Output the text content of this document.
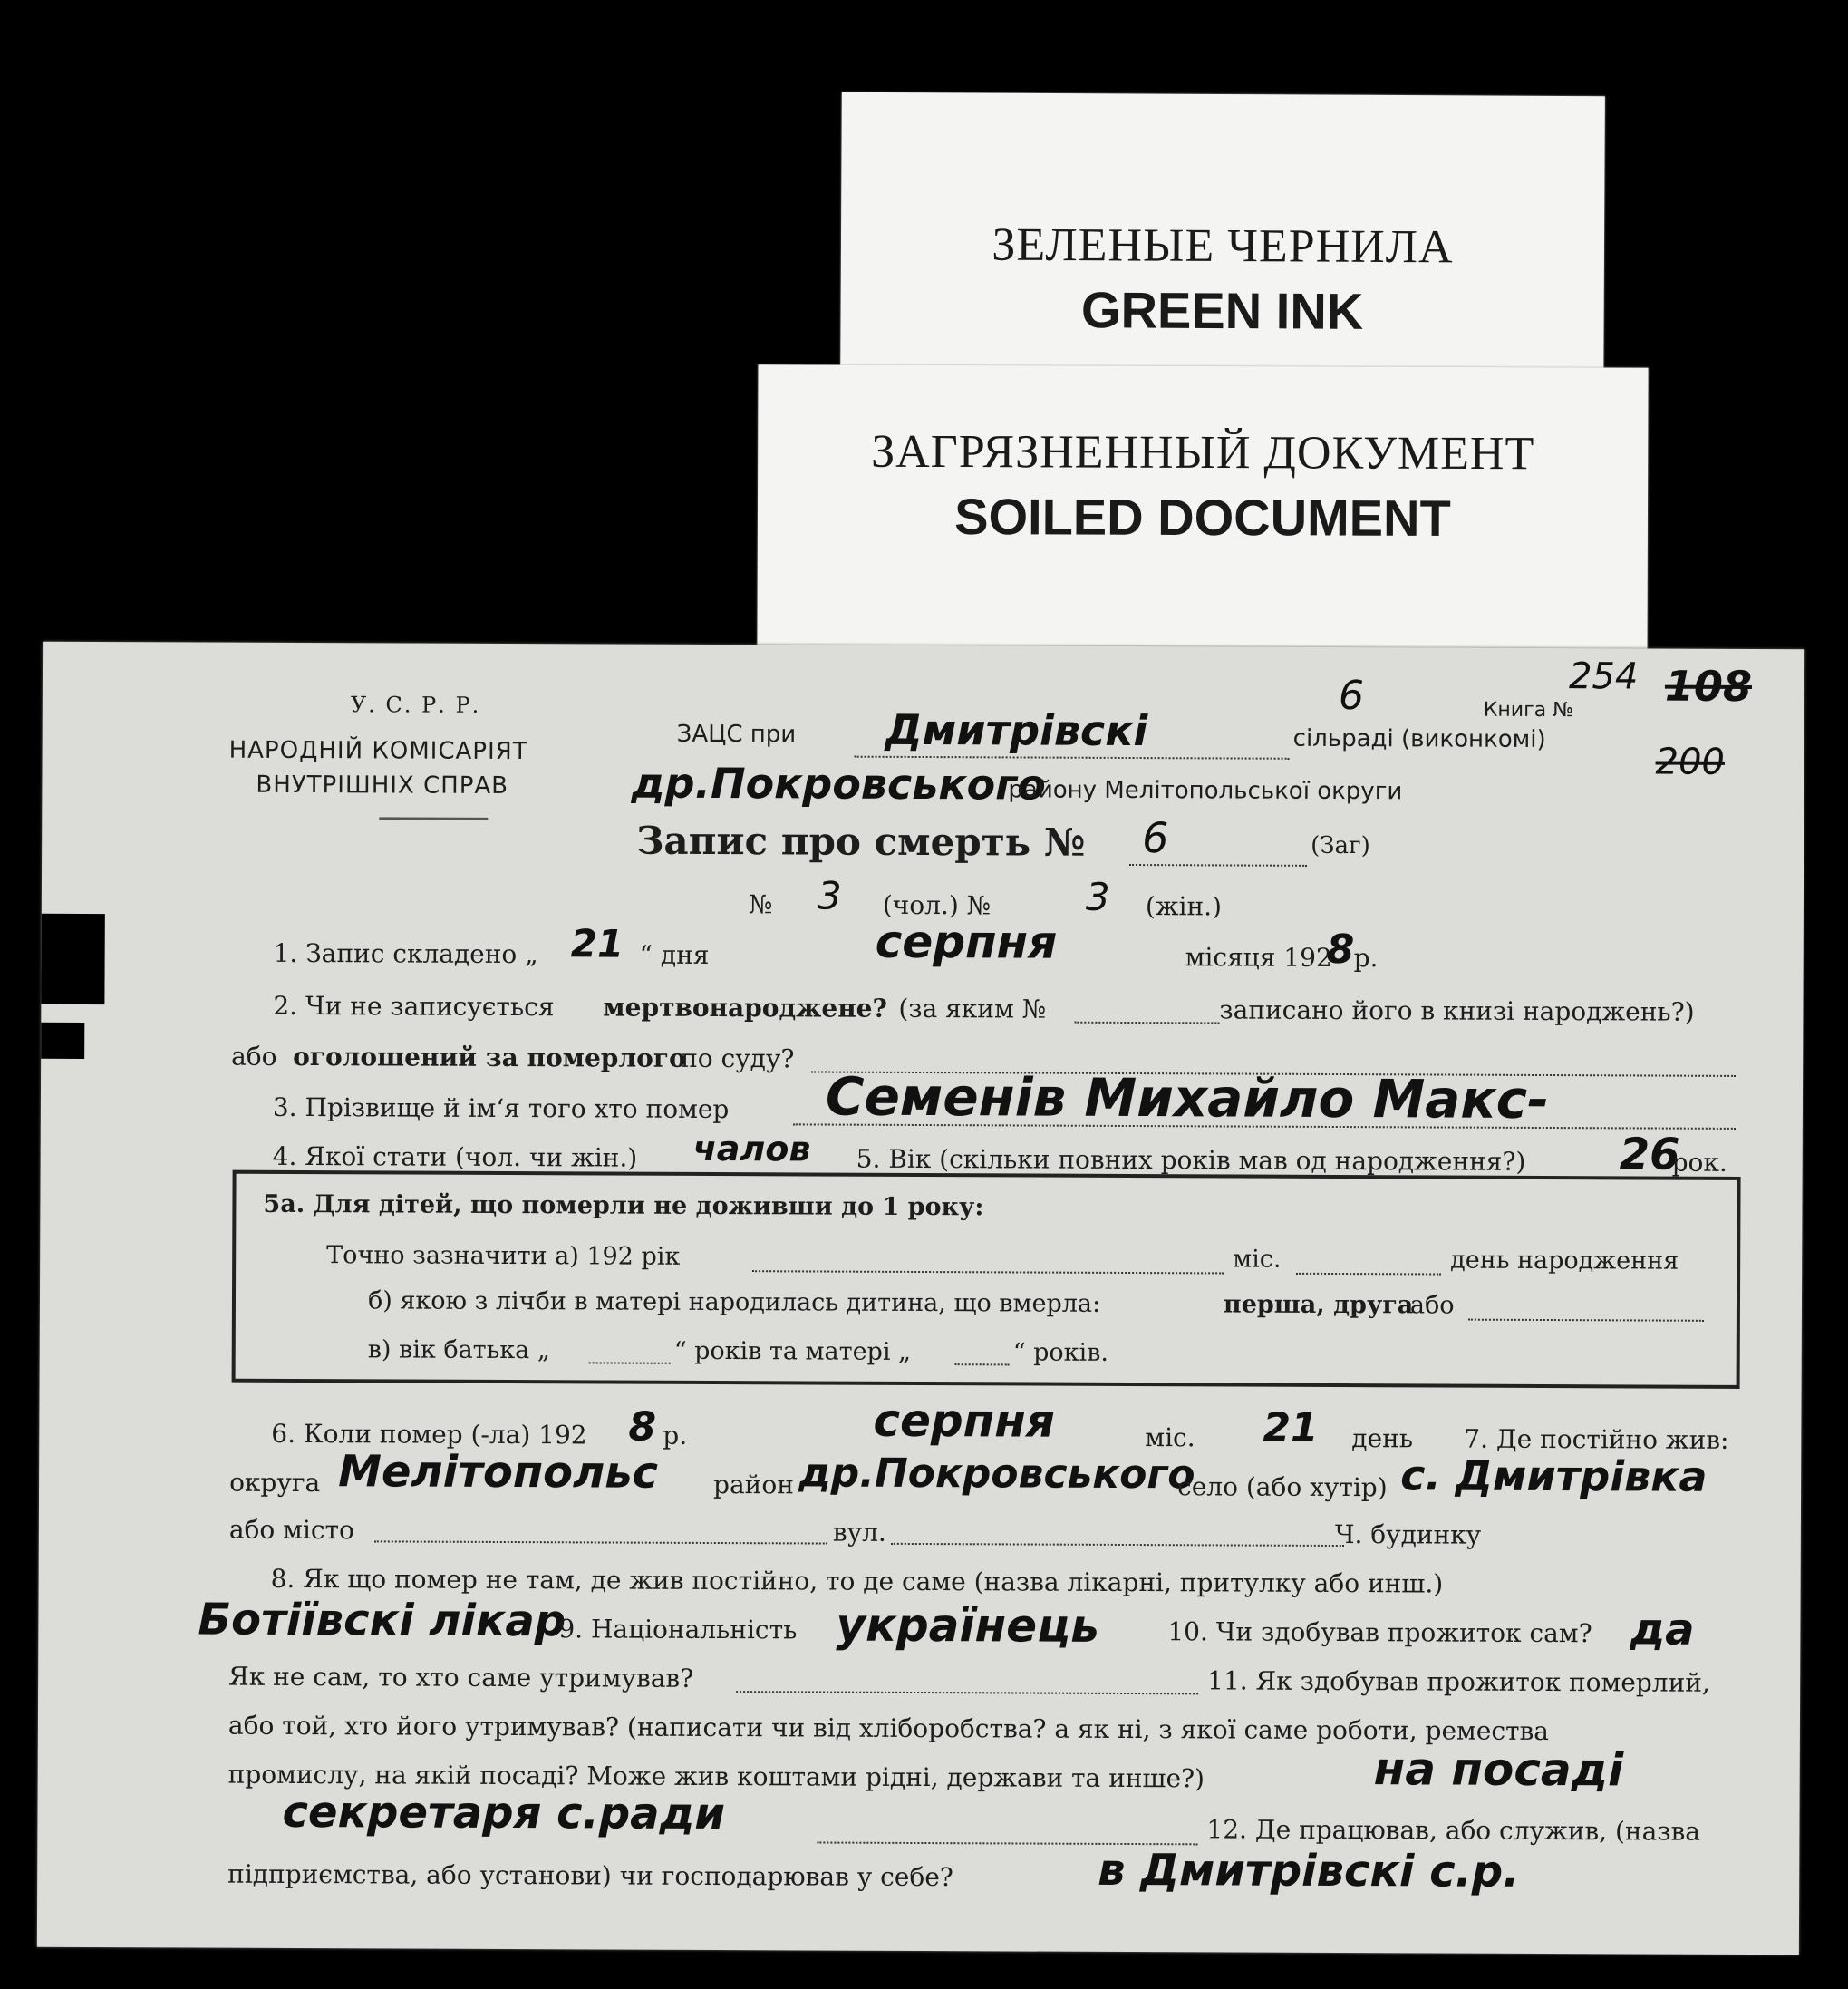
ЗЕЛЕНЫЕ ЧЕРНИЛА
GREEN INK
ЗАГРЯЗНЕННЫЙ ДОКУМЕНТ
SOILED DOCUMENT
У. С. Р. Р.
НАРОДНІЙ КОМІСАРІЯТ
ВНУТРІШНІХ СПРАВ
ЗАЦС при Дмитрівскі	сільраді (виконкомі)
6	Книга №
254 108
200
др.Покровського
району Мелітопольської округи
Запис про смерть № 6	(Заг)
№ 3 (чол.) № 3 (жін.)
1. Запис складено „ 21 “ дня	серпня	місяця 192
8 р.
2. Чи не записується мертвонароджене? (за яким №	записано його в книзі народжень?)
або оголошений за померлого
по суду?
3. Прізвище й ім‘я того хто помер Семенів Михайло Макс-
4. Якої стати (чол. чи жін.) чалов 5. Вік (скільки повних років мав од народження?) 26
рок.
5а. Для дітей, що померли не доживши до 1 року:
Точно зазначити а) 192 рік	міс.	день народження
б) якою з лічби в матері народилась дитина, що вмерла:	перша, друга
або
в) вік батька „	“ років та матері „	“ років.
6. Коли помер (-ла) 192 8 р.	серпня	міс. 21 день 7. Де постійно жив:
округа Мелітопольс район др.Покровського
село (або хутір) с. Дмитрівка
або місто	вул.	Ч. будинку
8. Як що помер не там, де жив постійно, то де саме (назва лікарні, притулку або инш.)
Ботіївскі лікар
9. Національність українець	10. Чи здобував прожиток сам? да
Як не сам, то хто саме утримував?	11. Як здобував прожиток померлий,
або той, хто його утримував? (написати чи від хліборобства? а як ні, з якої саме роботи, ремества
промислу, на якій посаді? Може жив коштами рідні, держави та инше?)	на посаді
секретаря с.ради	12. Де працював, або служив, (назва
підприємства, або установи) чи господарював у себе?	в Дмитрівскі с.р.
